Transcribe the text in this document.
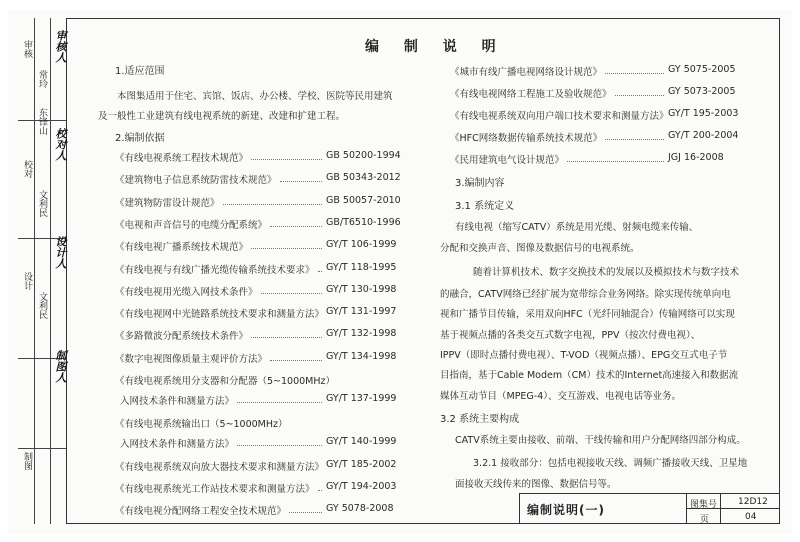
审核 审核人
常玲
校对
校对人
东锋山
设计
设计人
文利民
制图
制图人
文利民
编 制 说 明
1.适应范围
本图集适用于住宅、宾馆、饭店、办公楼、学校、医院等民用建筑
及一般性工业建筑有线电视系统的新建、改建和扩建工程。
2.编制依据
《有线电视系统工程技术规范》	GB 50200-1994
《建筑物电子信息系统防雷技术规范》	GB 50343-2012
《建筑物防雷设计规范》	GB 50057-2010
《电视和声音信号的电缆分配系统》	GB/T6510-1996
《有线电视广播系统技术规范》	GY/T 106-1999
《有线电视与有线广播光缆传输系统技术要求》 GY/T 118-1995
《有线电视用光缆入网技术条件》	GY/T 130-1998
《有线电视网中光链路系统技术要求和测量方法》 GY/T 131-1997
《多路微波分配系统技术条件》	GY/T 132-1998
《数字电视图像质量主观评价方法》	GY/T 134-1998
《有线电视系统用分支器和分配器（5~1000MHz）
入网技术条件和测量方法》	GY/T 137-1999
《有线电视系统输出口（5~1000MHz）
入网技术条件和测量方法》	GY/T 140-1999
《有线电视系统双向放大器技术要求和测量方法》 GY/T 185-2002
《有线电视系统光工作站技术要求和测量方法》 GY/T 194-2003
《有线电视分配网络工程安全技术规范》	GY 5078-2008
《城市有线广播电视网络设计规范》	GY 5075-2005
《有线电视网络工程施工及验收规范》	GY 5073-2005
《有线电视系统双向用户端口技术要求和测量方法》 GY/T 195-2003
《HFC网络数据传输系统技术规范》	GY/T 200-2004
《民用建筑电气设计规范》	JGJ 16-2008
3.编制内容
3.1 系统定义
有线电视（缩写CATV）系统是用光缆、射频电缆来传输、
分配和交换声音、图像及数据信号的电视系统。
随着计算机技术、数字交换技术的发展以及模拟技术与数字技术
的融合，CATV网络已经扩展为宽带综合业务网络。除实现传统单向电
视和广播节目传输，采用双向HFC（光纤同轴混合）传输网络可以实现
基于视频点播的各类交互式数字电视，PPV（按次付费电视）、
IPPV（即时点播付费电视）、T-VOD（视频点播）、EPG交互式电子节
目指南，基于Cable Modem（CM）技术的Internet高速接入和数据流
媒体互动节目（MPEG-4）、交互游戏、电视电话等业务。
3.2 系统主要构成
CATV系统主要由接收、前端、干线传输和用户分配网络四部分构成。
3.2.1 接收部分：包括电视接收天线、调频广播接收天线、卫星地
面接收天线传来的图像、数据信号等。
编制说明(一)	图集号 12D12
页	04
